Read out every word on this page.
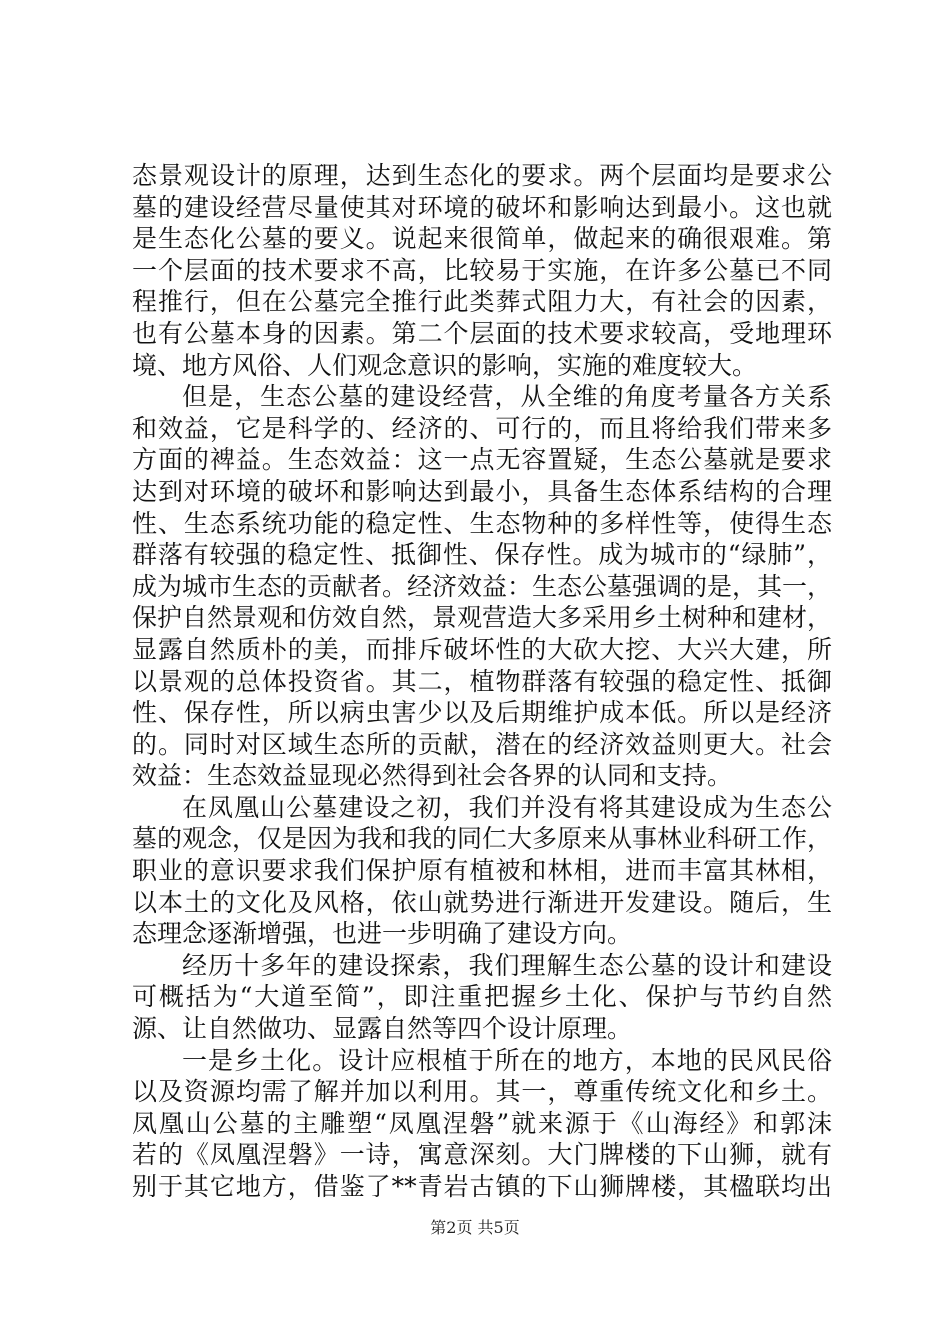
态景观设计的原理，达到生态化的要求。两个层面均是要求公
墓的建设经营尽量使其对环境的破坏和影响达到最小。这也就
是生态化公墓的要义。说起来很简单，做起来的确很艰难。第
一个层面的技术要求不高，比较易于实施，在许多公墓已不同
程推行，但在公墓完全推行此类葬式阻力大，有社会的因素，
也有公墓本身的因素。第二个层面的技术要求较高，受地理环
境、地方风俗、人们观念意识的影响，实施的难度较大。
但是，生态公墓的建设经营，从全维的角度考量各方关系
和效益，它是科学的、经济的、可行的，而且将给我们带来多
方面的裨益。生态效益：这一点无容置疑，生态公墓就是要求
达到对环境的破坏和影响达到最小，具备生态体系结构的合理
性、生态系统功能的稳定性、生态物种的多样性等，使得生态
群落有较强的稳定性、抵御性、保存性。成为城市的“绿肺”，
成为城市生态的贡献者。经济效益：生态公墓强调的是，其一，
保护自然景观和仿效自然，景观营造大多采用乡土树种和建材，
显露自然质朴的美，而排斥破坏性的大砍大挖、大兴大建，所
以景观的总体投资省。其二，植物群落有较强的稳定性、抵御
性、保存性，所以病虫害少以及后期维护成本低。所以是经济
的。同时对区域生态所的贡献，潜在的经济效益则更大。社会
效益：生态效益显现必然得到社会各界的认同和支持。
在凤凰山公墓建设之初，我们并没有将其建设成为生态公
墓的观念，仅是因为我和我的同仁大多原来从事林业科研工作，
职业的意识要求我们保护原有植被和林相，进而丰富其林相，
以本土的文化及风格，依山就势进行渐进开发建设。随后，生
态理念逐渐增强，也进一步明确了建设方向。
经历十多年的建设探索，我们理解生态公墓的设计和建设
可概括为“大道至简”，即注重把握乡土化、保护与节约自然
源、让自然做功、显露自然等四个设计原理。
一是乡土化。设计应根植于所在的地方，本地的民风民俗
以及资源均需了解并加以利用。其一，尊重传统文化和乡土。
凤凰山公墓的主雕塑“凤凰涅磐”就来源于《山海经》和郭沫
若的《凤凰涅磐》一诗，寓意深刻。大门牌楼的下山狮，就有
别于其它地方，借鉴了**青岩古镇的下山狮牌楼，其楹联均出
第2页 共5页
